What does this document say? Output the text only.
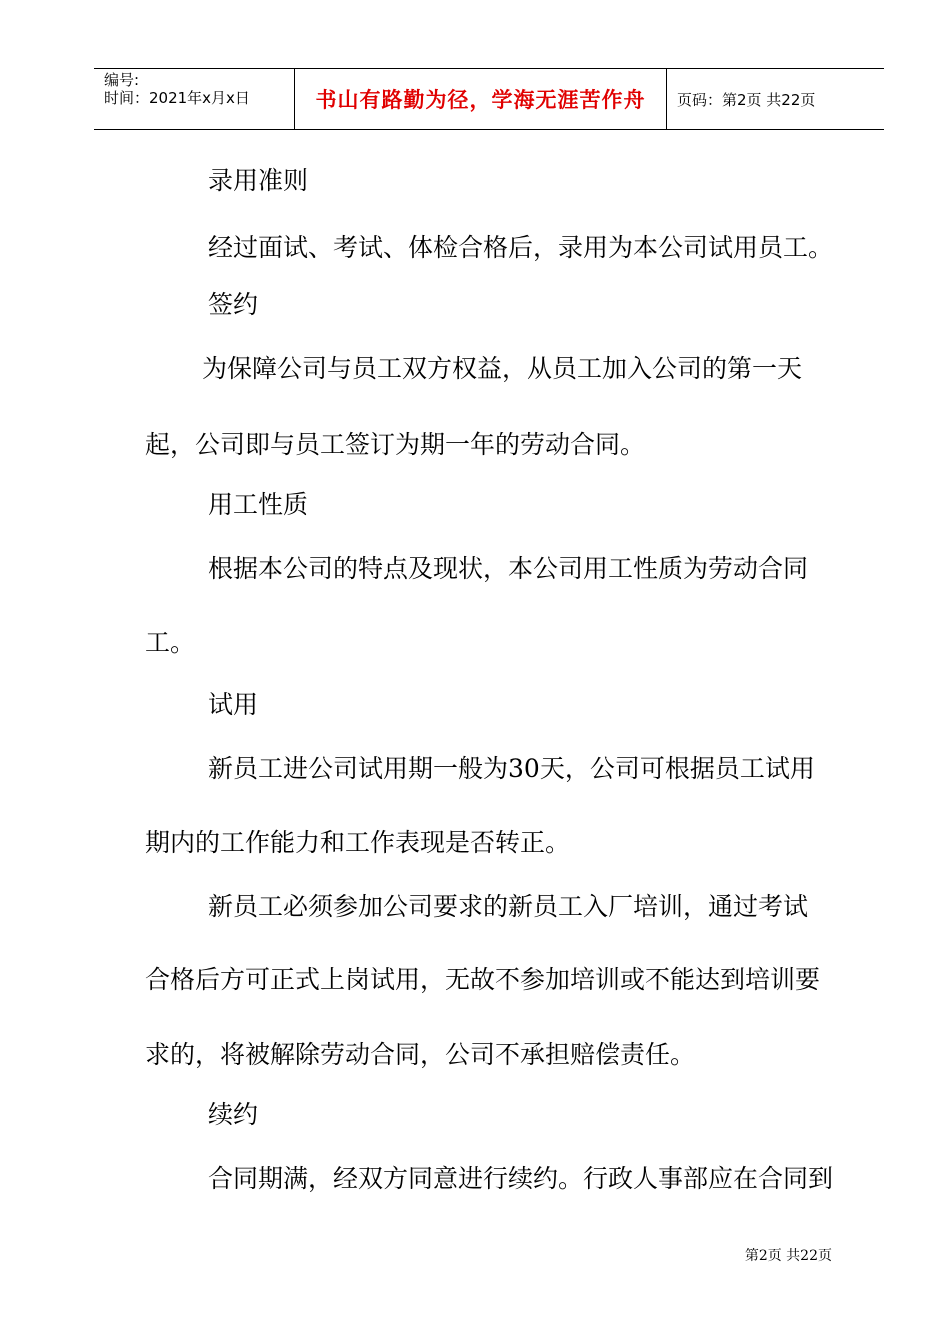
编号:
时间：2021年x月x日	书山有路勤为径，学海无涯苦作舟 页码：第2页 共22页

录用准则

经过面试、考试、体检合格后，录用为本公司试用员工。

签约

为保障公司与员工双方权益，从员工加入公司的第一天

起，公司即与员工签订为期一年的劳动合同。

用工性质

根据本公司的特点及现状，本公司用工性质为劳动合同

工。

试用

新员工进公司试用期一般为30天，公司可根据员工试用

期内的工作能力和工作表现是否转正。

新员工必须参加公司要求的新员工入厂培训，通过考试

合格后方可正式上岗试用，无故不参加培训或不能达到培训要

求的，将被解除劳动合同，公司不承担赔偿责任。

续约

合同期满，经双方同意进行续约。行政人事部应在合同到

第2页 共22页
